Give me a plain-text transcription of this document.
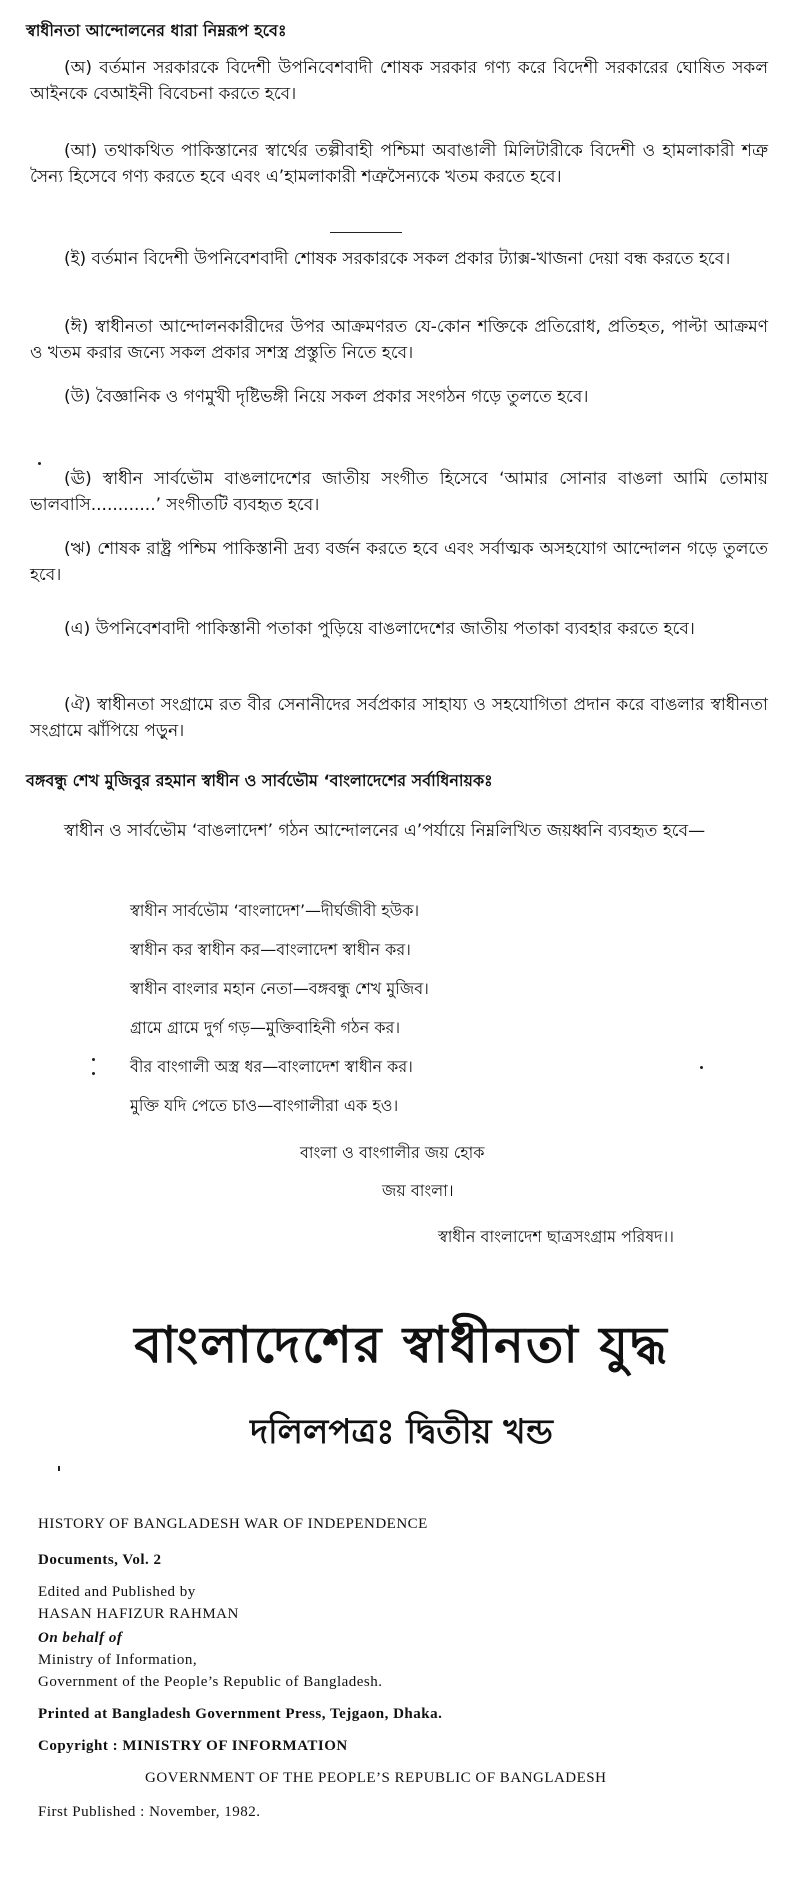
স্বাধীনতা আন্দোলনের ধারা নিম্নরূপ হবেঃ
(অ) বর্তমান সরকারকে বিদেশী উপনিবেশবাদী শোষক সরকার গণ্য করে বিদেশী সরকারের ঘোষিত সকল আইনকে বেআইনী বিবেচনা করতে হবে।
(আ) তথাকথিত পাকিস্তানের স্বার্থের তল্পীবাহী পশ্চিমা অবাঙালী মিলিটারীকে বিদেশী ও হামলাকারী শত্রু সৈন্য হিসেবে গণ্য করতে হবে এবং এ’হামলাকারী শত্রুসৈন্যকে খতম করতে হবে।
(ই) বর্তমান বিদেশী উপনিবেশবাদী শোষক সরকারকে সকল প্রকার ট্যাক্স-খাজনা দেয়া বন্ধ করতে হবে।
(ঈ) স্বাধীনতা আন্দোলনকারীদের উপর আক্রমণরত যে-কোন শক্তিকে প্রতিরোধ, প্রতিহত, পাল্টা আক্রমণ ও খতম করার জন্যে সকল প্রকার সশস্ত্র প্রস্তুতি নিতে হবে।
(উ) বৈজ্ঞানিক ও গণমুখী দৃষ্টিভঙ্গী নিয়ে সকল প্রকার সংগঠন গড়ে তুলতে হবে।
(ঊ) স্বাধীন সার্বভৌম বাঙলাদেশের জাতীয় সংগীত হিসেবে ‘আমার সোনার বাঙলা আমি তোমায় ভালবাসি............’ সংগীতটি ব্যবহৃত হবে।
(ঋ) শোষক রাষ্ট্র পশ্চিম পাকিস্তানী দ্রব্য বর্জন করতে হবে এবং সর্বাত্মক অসহযোগ আন্দোলন গড়ে তুলতে হবে।
(এ) উপনিবেশবাদী পাকিস্তানী পতাকা পুড়িয়ে বাঙলাদেশের জাতীয় পতাকা ব্যবহার করতে হবে।
(ঐ) স্বাধীনতা সংগ্রামে রত বীর সেনানীদের সর্বপ্রকার সাহায্য ও সহযোগিতা প্রদান করে বাঙলার স্বাধীনতা সংগ্রামে ঝাঁপিয়ে পড়ুন।
বঙ্গবন্ধু শেখ মুজিবুর রহমান স্বাধীন ও সার্বভৌম ‘বাংলাদেশের সর্বাধিনায়কঃ
স্বাধীন ও সার্বভৌম ‘বাঙলাদেশ’ গঠন আন্দোলনের এ’পর্যায়ে নিম্নলিখিত জয়ধ্বনি ব্যবহৃত হবে—
স্বাধীন সার্বভৌম ‘বাংলাদেশ’—দীর্ঘজীবী হউক।
স্বাধীন কর স্বাধীন কর—বাংলাদেশ স্বাধীন কর।
স্বাধীন বাংলার মহান নেতা—বঙ্গবন্ধু শেখ মুজিব।
গ্রামে গ্রামে দুর্গ গড়—মুক্তিবাহিনী গঠন কর।
বীর বাংগালী অস্ত্র ধর—বাংলাদেশ স্বাধীন কর।
মুক্তি যদি পেতে চাও—বাংগালীরা এক হও।
বাংলা ও বাংগালীর জয় হোক
জয় বাংলা।
স্বাধীন বাংলাদেশ ছাত্রসংগ্রাম পরিষদ।।
বাংলাদেশের স্বাধীনতা যুদ্ধ
দলিলপত্রঃ দ্বিতীয় খন্ড
HISTORY OF BANGLADESH WAR OF INDEPENDENCE
Documents, Vol. 2
Edited and Published by
HASAN HAFIZUR RAHMAN
On behalf of
Ministry of Information,
Government of the People’s Republic of Bangladesh.
Printed at Bangladesh Government Press, Tejgaon, Dhaka.
Copyright : MINISTRY OF INFORMATION
GOVERNMENT OF THE PEOPLE’S REPUBLIC OF BANGLADESH
First Published : November, 1982.
